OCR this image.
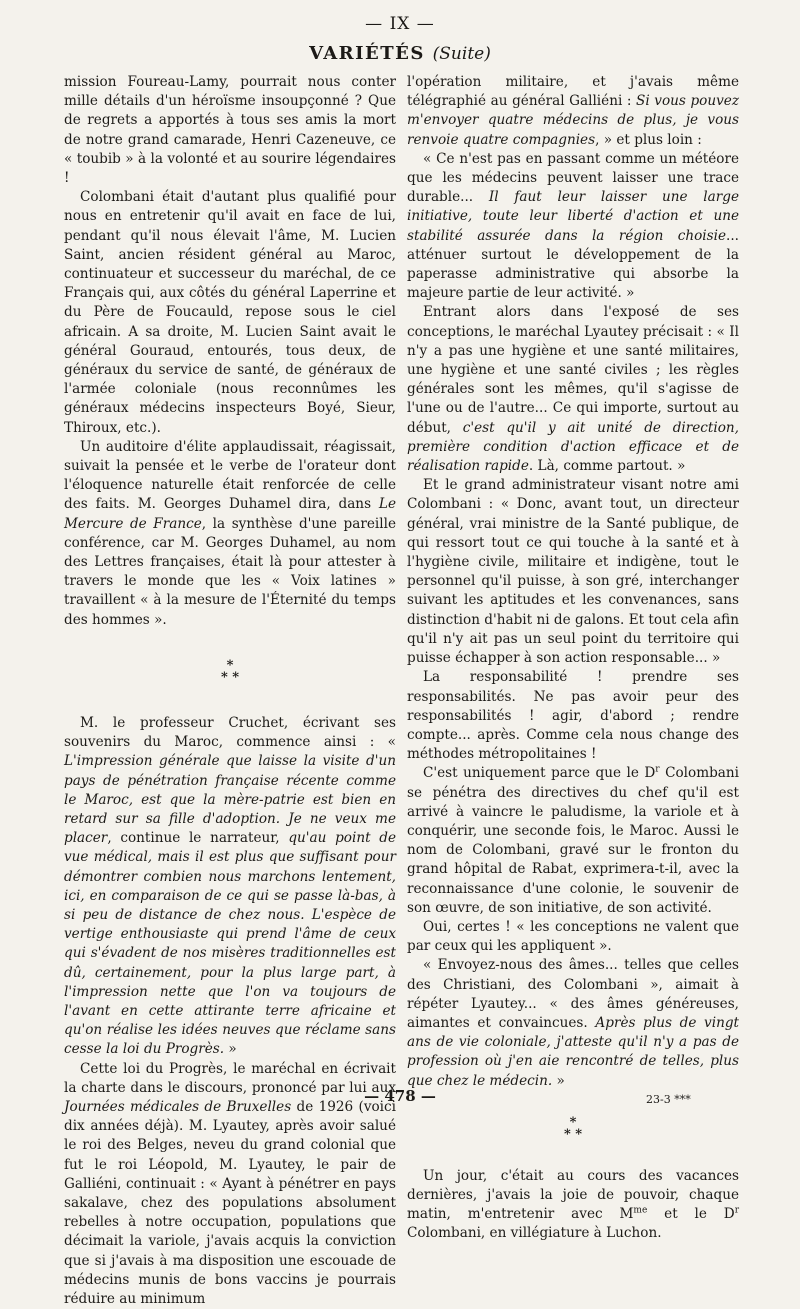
— IX —
VARIÉTÉS (Suite)

mission Foureau-Lamy, pourrait nous conter mille détails d'un héroïsme insoupçonné ? Que de regrets a apportés à tous ses amis la mort de notre grand camarade, Henri Cazeneuve, ce « toubib » à la volonté et au sourire légendaires !

Colombani était d'autant plus qualifié pour nous en entretenir qu'il avait en face de lui, pendant qu'il nous élevait l'âme, M. Lucien Saint, ancien résident général au Maroc, continuateur et successeur du maréchal, de ce Français qui, aux côtés du général Laperrine et du Père de Foucauld, repose sous le ciel africain. A sa droite, M. Lucien Saint avait le général Gouraud, entourés, tous deux, de généraux du service de santé, de généraux de l'armée coloniale (nous reconnûmes les généraux médecins inspecteurs Boyé, Sieur, Thiroux, etc.).

Un auditoire d'élite applaudissait, réagissait, suivait la pensée et le verbe de l'orateur dont l'éloquence naturelle était renforcée de celle des faits. M. Georges Duhamel dira, dans Le Mercure de France, la synthèse d'une pareille conférence, car M. Georges Duhamel, au nom des Lettres françaises, était là pour attester à travers le monde que les « Voix latines » travaillent « à la mesure de l'Éternité du temps des hommes ».

*
* *

M. le professeur Cruchet, écrivant ses souvenirs du Maroc, commence ainsi : « L'impression générale que laisse la visite d'un pays de pénétration française récente comme le Maroc, est que la mère-patrie est bien en retard sur sa fille d'adoption. Je ne veux me placer, continue le narrateur, qu'au point de vue médical, mais il est plus que suffisant pour démontrer combien nous marchons lentement, ici, en comparaison de ce qui se passe là-bas, à si peu de distance de chez nous. L'espèce de vertige enthousiaste qui prend l'âme de ceux qui s'évadent de nos misères traditionnelles est dû, certainement, pour la plus large part, à l'impression nette que l'on va toujours de l'avant en cette attirante terre africaine et qu'on réalise les idées neuves que réclame sans cesse la loi du Progrès. »

Cette loi du Progrès, le maréchal en écrivait la charte dans le discours, prononcé par lui aux Journées médicales de Bruxelles de 1926 (voici dix années déjà). M. Lyautey, après avoir salué le roi des Belges, neveu du grand colonial que fut le roi Léopold, M. Lyautey, le pair de Galliéni, continuait : « Ayant à pénétrer en pays sakalave, chez des populations absolument rebelles à notre occupation, populations que décimait la variole, j'avais acquis la conviction que si j'avais à ma disposition une escouade de médecins munis de bons vaccins je pourrais réduire au minimum

l'opération militaire, et j'avais même télégraphié au général Galliéni : Si vous pouvez m'envoyer quatre médecins de plus, je vous renvoie quatre compagnies, » et plus loin :

« Ce n'est pas en passant comme un météore que les médecins peuvent laisser une trace durable... Il faut leur laisser une large initiative, toute leur liberté d'action et une stabilité assurée dans la région choisie... atténuer surtout le développement de la paperasse administrative qui absorbe la majeure partie de leur activité. »

Entrant alors dans l'exposé de ses conceptions, le maréchal Lyautey précisait : « Il n'y a pas une hygiène et une santé militaires, une hygiène et une santé civiles ; les règles générales sont les mêmes, qu'il s'agisse de l'une ou de l'autre... Ce qui importe, surtout au début, c'est qu'il y ait unité de direction, première condition d'action efficace et de réalisation rapide. Là, comme partout. »

Et le grand administrateur visant notre ami Colombani : « Donc, avant tout, un directeur général, vrai ministre de la Santé publique, de qui ressort tout ce qui touche à la santé et à l'hygiène civile, militaire et indigène, tout le personnel qu'il puisse, à son gré, interchanger suivant les aptitudes et les convenances, sans distinction d'habit ni de galons. Et tout cela afin qu'il n'y ait pas un seul point du territoire qui puisse échapper à son action responsable... »

La responsabilité ! prendre ses responsabilités. Ne pas avoir peur des responsabilités ! agir, d'abord ; rendre compte... après. Comme cela nous change des méthodes métropolitaines !

C'est uniquement parce que le $D^r$ Colombani se pénétra des directives du chef qu'il est arrivé à vaincre le paludisme, la variole et à conquérir, une seconde fois, le Maroc. Aussi le nom de Colombani, gravé sur le fronton du grand hôpital de Rabat, exprimera-t-il, avec la reconnaissance d'une colonie, le souvenir de son œuvre, de son initiative, de son activité.

Oui, certes ! « les conceptions ne valent que par ceux qui les appliquent ».

« Envoyez-nous des âmes... telles que celles des Christiani, des Colombani », aimait à répéter Lyautey... « des âmes généreuses, aimantes et convaincues. Après plus de vingt ans de vie coloniale, j'atteste qu'il n'y a pas de profession où j'en aie rencontré de telles, plus que chez le médecin. »

*
* *

Un jour, c'était au cours des vacances dernières, j'avais la joie de pouvoir, chaque matin, m'entretenir avec $M^{me}$ et le $D^r$ Colombani, en villégiature à Luchon.

— 478 —	23-3 ***
